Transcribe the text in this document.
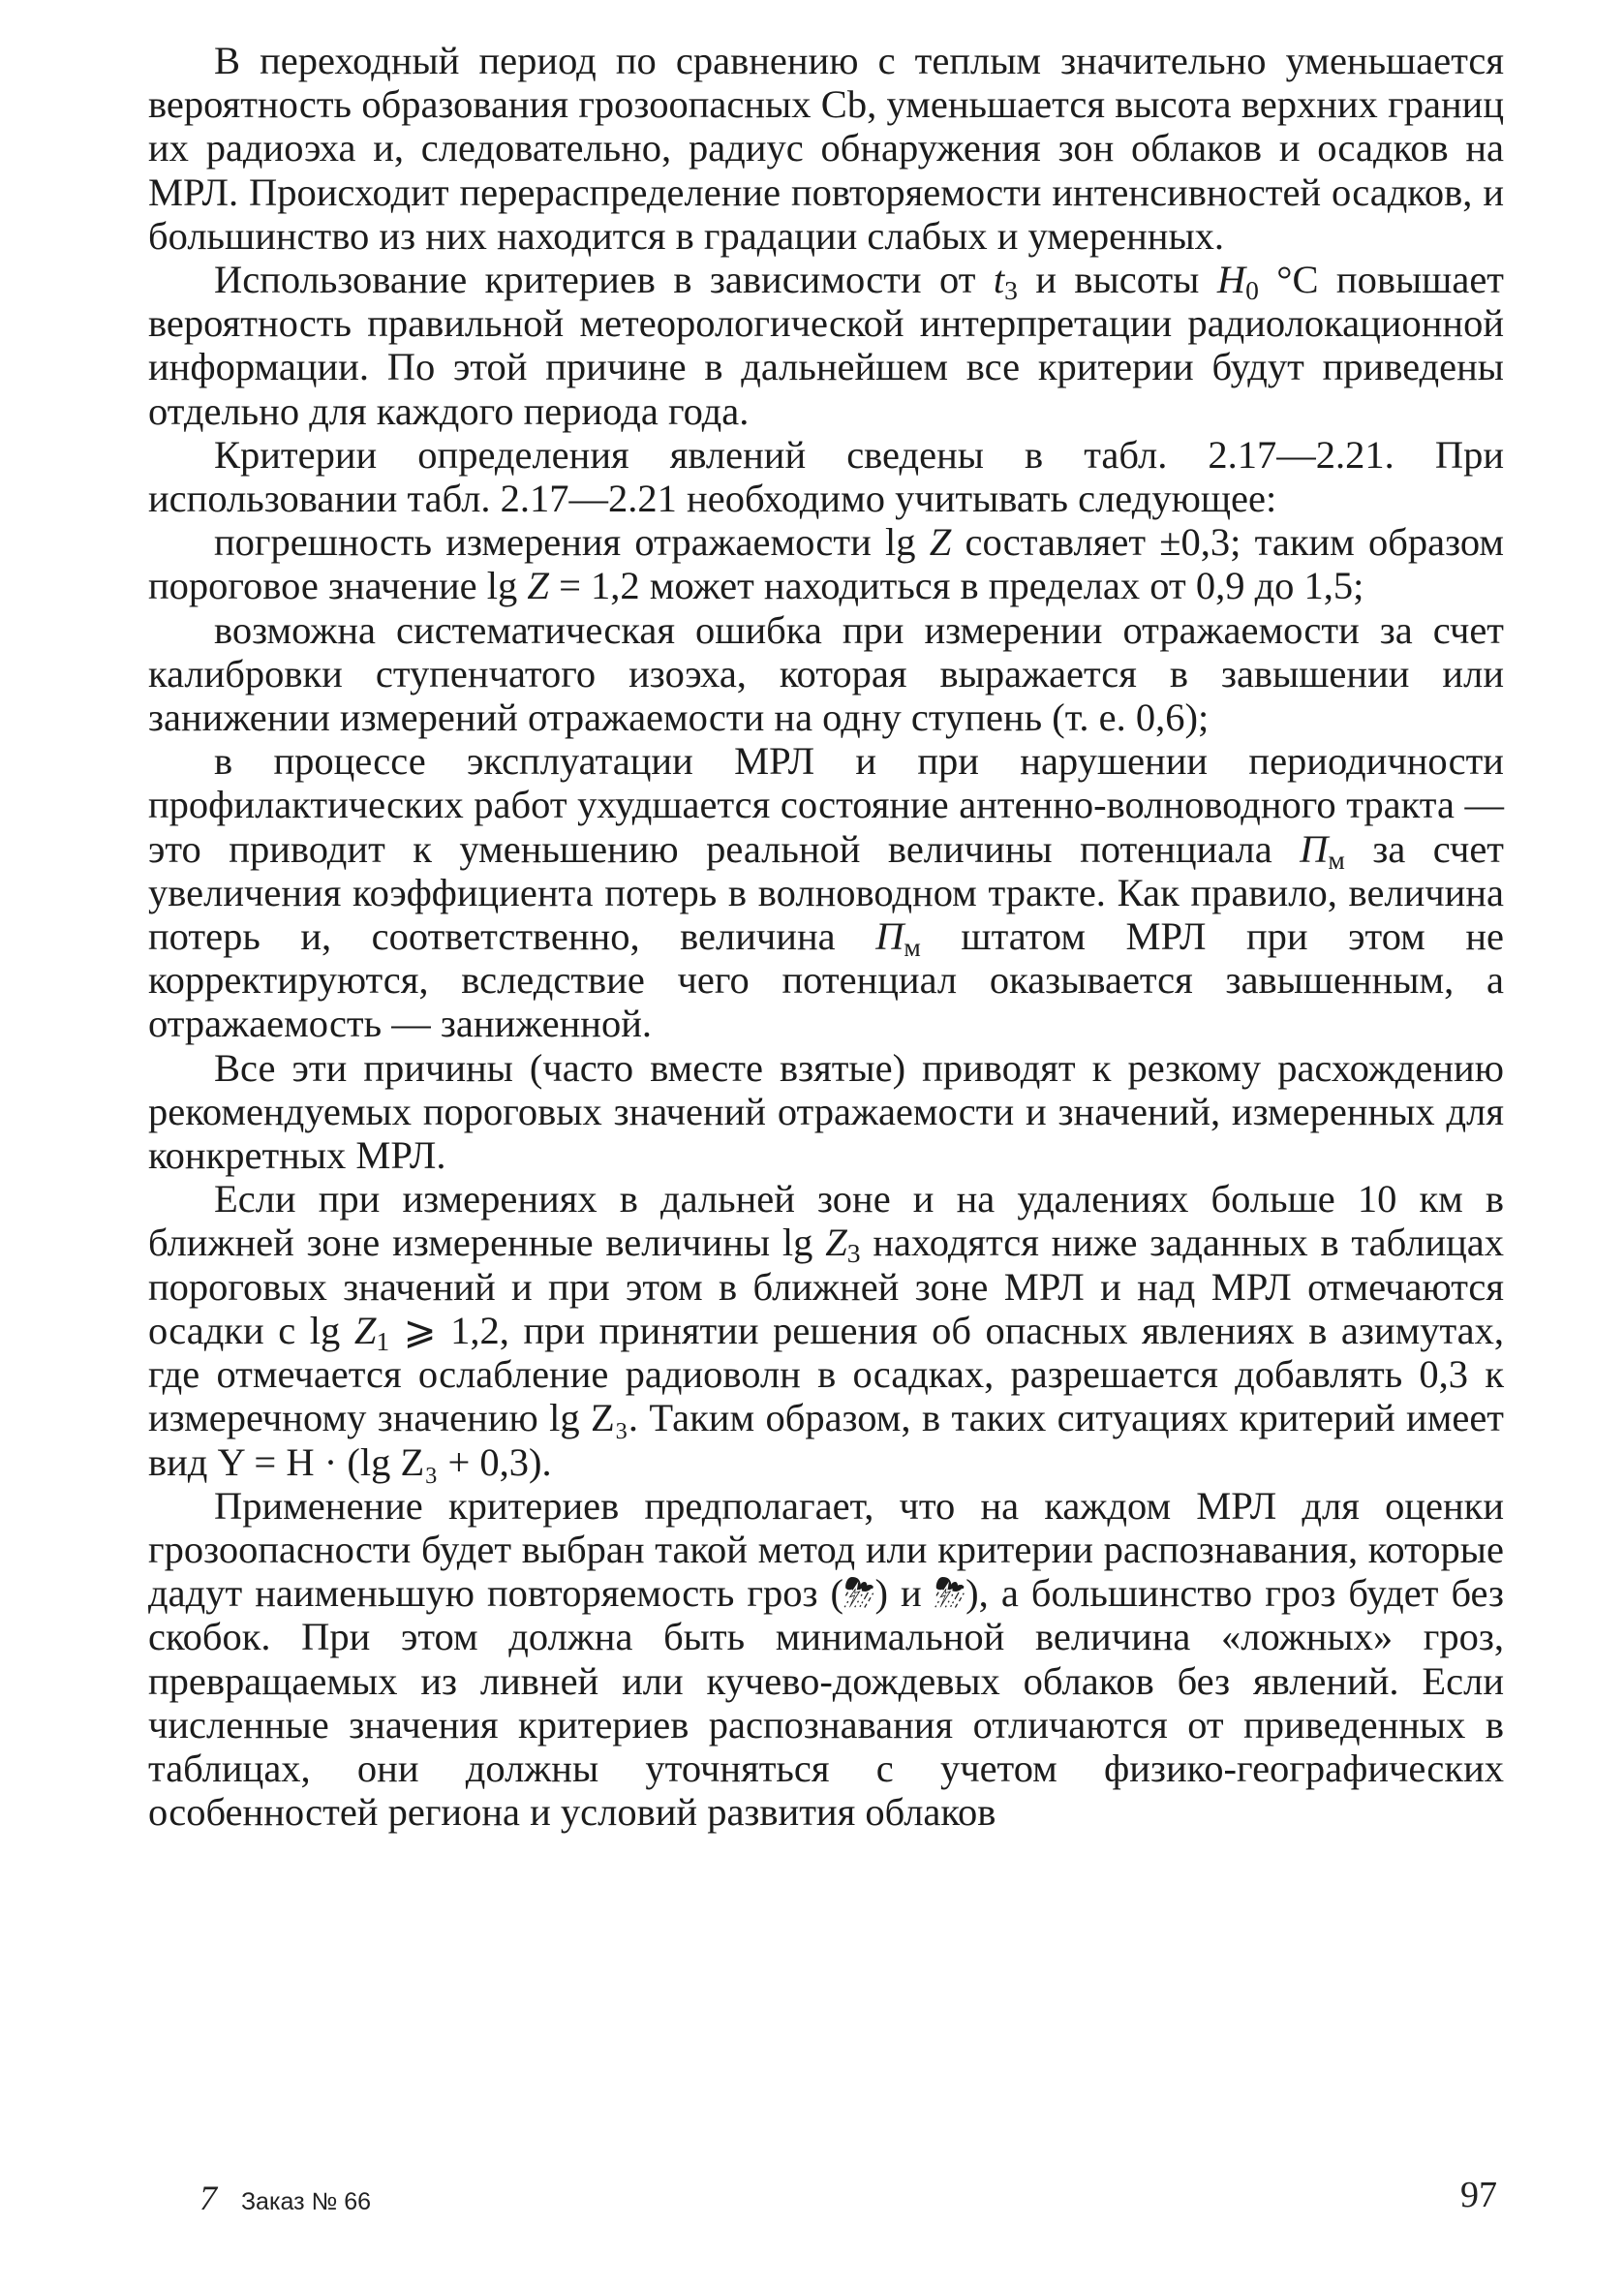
В переходный период по сравнению с теплым значительно уменьшается вероятность образования грозоопасных Cb, уменьшается высота верхних границ их радиоэха и, следовательно, радиус обнаружения зон облаков и осадков на МРЛ. Происходит перераспределение повторяемости интенсивностей осадков, и большинство из них находится в градации слабых и умеренных.

Использование критериев в зависимости от $t_3$ и высоты $H_0$ °C повышает вероятность правильной метеорологической интерпретации радиолокационной информации. По этой причине в дальнейшем все критерии будут приведены отдельно для каждого периода года.

Критерии определения явлений сведены в табл. 2.17—2.21. При использовании табл. 2.17—2.21 необходимо учитывать следующее:

погрешность измерения отражаемости lg Z составляет ±0,3; таким образом пороговое значение lg Z = 1,2 может находиться в пределах от 0,9 до 1,5;

возможна систематическая ошибка при измерении отражаемости за счет калибровки ступенчатого изоэха, которая выражается в завышении или занижении измерений отражаемости на одну ступень (т. е. 0,6);

в процессе эксплуатации МРЛ и при нарушении периодичности профилактических работ ухудшается состояние антенно-волноводного тракта — это приводит к уменьшению реальной величины потенциала $П_м$ за счет увеличения коэффициента потерь в волноводном тракте. Как правило, величина потерь и, соответственно, величина $П_м$ штатом МРЛ при этом не корректируются, вследствие чего потенциал оказывается завышенным, а отражаемость — заниженной.

Все эти причины (часто вместе взятые) приводят к резкому расхождению рекомендуемых пороговых значений отражаемости и значений, измеренных для конкретных МРЛ.

Если при измерениях в дальней зоне и на удалениях больше 10 км в ближней зоне измеренные величины $\lg Z_3$ находятся ниже заданных в таблицах пороговых значений и при этом в ближней зоне МРЛ и над МРЛ отмечаются осадки с $\lg Z_1$ ⩾ 1,2, при принятии решения об опасных явлениях в азимутах, где отмечается ослабление радиоволн в осадках, разрешается добавлять 0,3 к измеречному значению lg Z₃. Таким образом, в таких ситуациях критерий имеет вид Y = H · (lg Z₃ + 0,3).

Применение критериев предполагает, что на каждом МРЛ для оценки грозоопасности будет выбран такой метод или критерии распознавания, которые дадут наименьшую повторяемость гроз (⛈) и ⛈), а большинство гроз будет без скобок. При этом должна быть минимальной величина «ложных» гроз, превращаемых из ливней или кучево-дождевых облаков без явлений. Если численные значения критериев распознавания отличаются от приведенных в таблицах, они должны уточняться с учетом физико-географических особенностей региона и условий развития облаков

7 Заказ № 66	97
